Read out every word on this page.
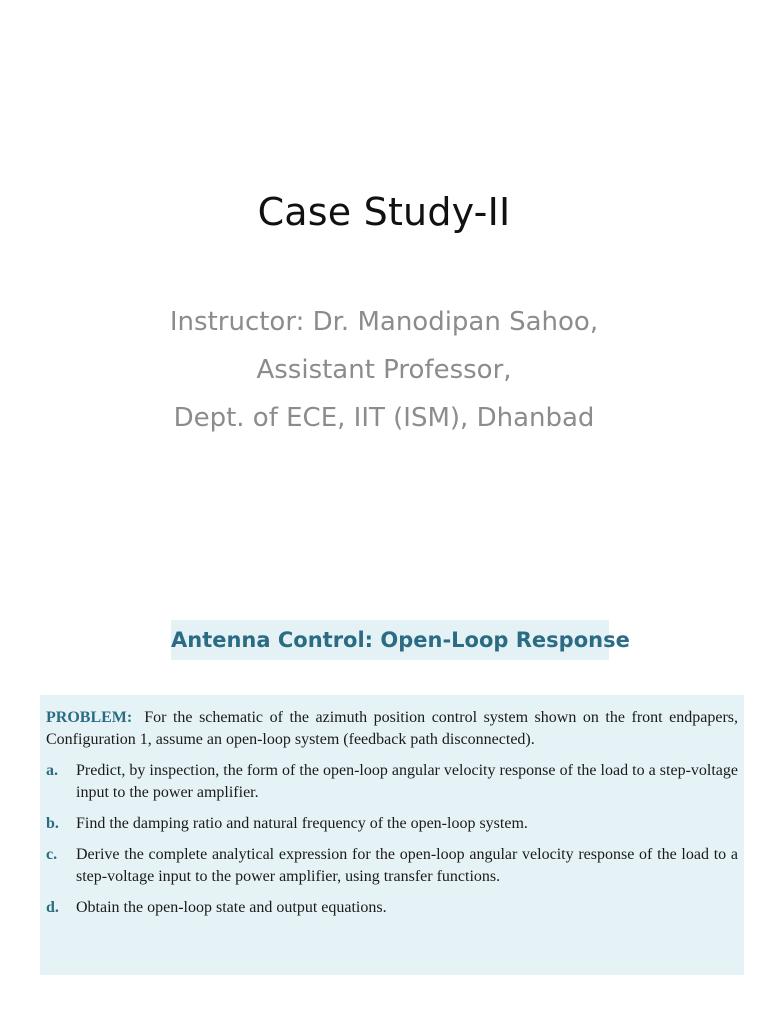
Case Study-II
Instructor: Dr. Manodipan Sahoo,
Assistant Professor,
Dept. of ECE, IIT (ISM), Dhanbad
Antenna Control: Open-Loop Response
PROBLEM: For the schematic of the azimuth position control system shown on the front endpapers, Configuration 1, assume an open-loop system (feedback path disconnected).
a.	Predict, by inspection, the form of the open-loop angular velocity response of the load to a step-voltage input to the power amplifier.
b.	Find the damping ratio and natural frequency of the open-loop system.
c.	Derive the complete analytical expression for the open-loop angular velocity response of the load to a step-voltage input to the power amplifier, using transfer functions.
d.	Obtain the open-loop state and output equations.
